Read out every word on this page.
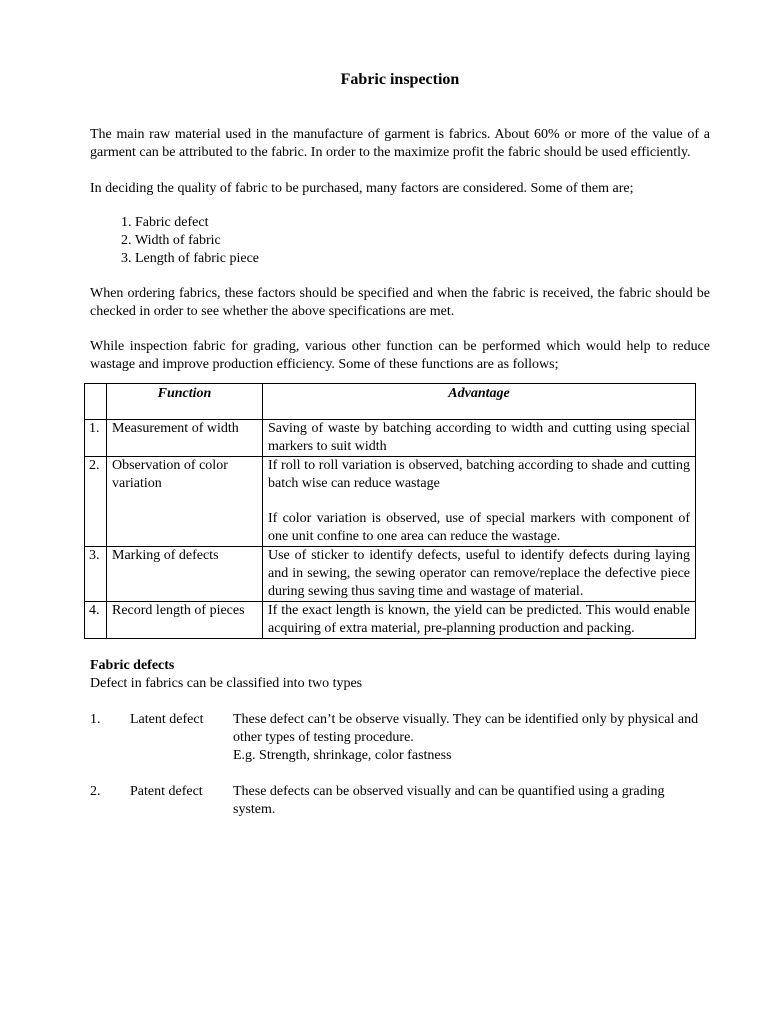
Fabric inspection

The main raw material used in the manufacture of garment is fabrics. About 60% or more of the value of a garment can be attributed to the fabric. In order to the maximize profit the fabric should be used efficiently.

In deciding the quality of fabric to be purchased, many factors are considered. Some of them are;

1. Fabric defect
2. Width of fabric
3. Length of fabric piece

When ordering fabrics, these factors should be specified and when the fabric is received, the fabric should be checked in order to see whether the above specifications are met.

While inspection fabric for grading, various other function can be performed which would help to reduce wastage and improve production efficiency. Some of these functions are as follows;

	Function	Advantage
1.	Measurement of width	Saving of waste by batching according to width and cutting using special markers to suit width

2.	Observation of color variation	If roll to roll variation is observed, batching according to shade and cutting batch wise can reduce wastage
If color variation is observed, use of special markers with component of one unit confine to one area can reduce the wastage.

3.	Marking of defects	Use of sticker to identify defects, useful to identify defects during laying and in sewing, the sewing operator can remove/replace the defective piece during sewing thus saving time and wastage of material.

4.	Record length of pieces	If the exact length is known, the yield can be predicted. This would enable acquiring of extra material, pre-planning production and packing.
Fabric defects

Defect in fabrics can be classified into two types

1.	Latent defect	These defect can’t be observe visually. They can be identified only by physical and other types of testing procedure.
E.g. Strength, shrinkage, color fastness
2.	Patent defect	These defects can be observed visually and can be quantified using a grading system.
